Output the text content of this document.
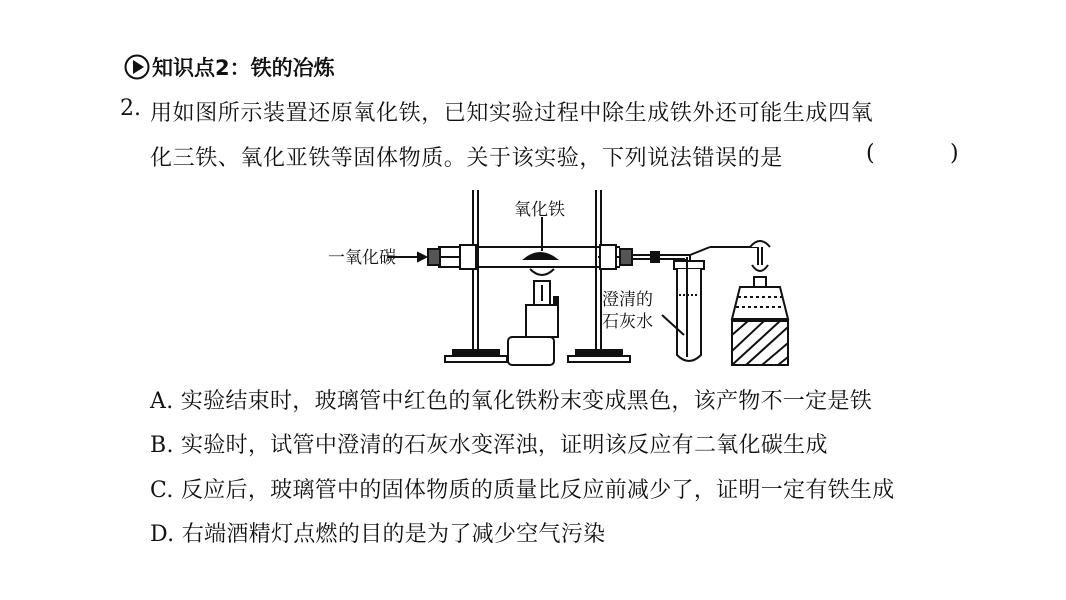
知识点2：铁的冶炼
2. 用如图所示装置还原氧化铁，已知实验过程中除生成铁外还可能生成四氧
化三铁、氧化亚铁等固体物质。关于该实验，下列说法错误的是	(	)
一氧化碳
氧化铁
澄清的
石灰水
A. 实验结束时，玻璃管中红色的氧化铁粉末变成黑色，该产物不一定是铁
B. 实验时，试管中澄清的石灰水变浑浊，证明该反应有二氧化碳生成
C. 反应后，玻璃管中的固体物质的质量比反应前减少了，证明一定有铁生成
D. 右端酒精灯点燃的目的是为了减少空气污染
